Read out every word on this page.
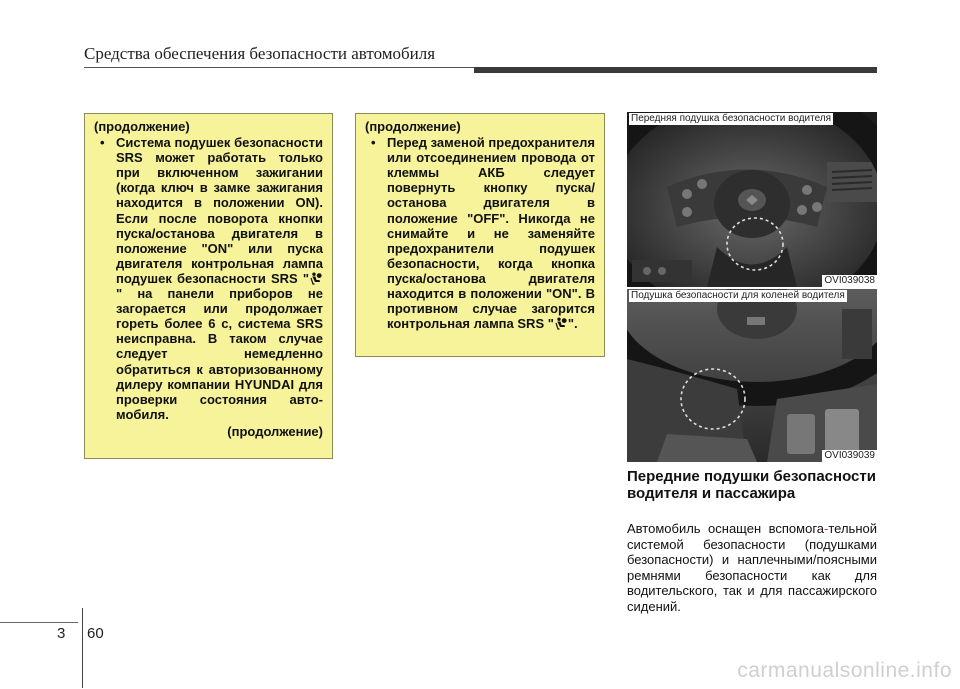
Средства обеспечения безопасности автомобиля
(продолжение)
• Система подушек безопасности SRS может работать только при включенном зажигании (когда ключ в замке зажигания находится в положении ON). Если после поворота кнопки пуска/останова двигателя в положение "ON" или пуска двигателя контрольная лампа подушек безопасности SRS "" на панели приборов не загорается или продолжает гореть более 6 с, система SRS неисправна. В таком случае следует немедленно обратиться к авторизованному дилеру компании HYUNDAI для проверки состояния авто-мобиля.
(продолжение)
(продолжение)
• Перед заменой предохранителя или отсоединением провода от клеммы АКБ следует повернуть кнопку пуска/останова двигателя в положение "OFF". Никогда не снимайте и не заменяйте предохранители подушек безопасности, когда кнопка пуска/останова двигателя находится в положении "ON". В противном случае загорится контрольная лампа SRS " ".
Передняя подушка безопасности водителя
OVI039038
Подушка безопасности для коленей водителя
OVI039039
Передние подушки безопасности водителя и пассажира
Автомобиль оснащен вспомога-тельной системой безопасности (подушками безопасности) и наплечными/поясными ремнями безопасности как для водительского, так и для пассажирского сидений.
3 60
carmanualsonline.info
